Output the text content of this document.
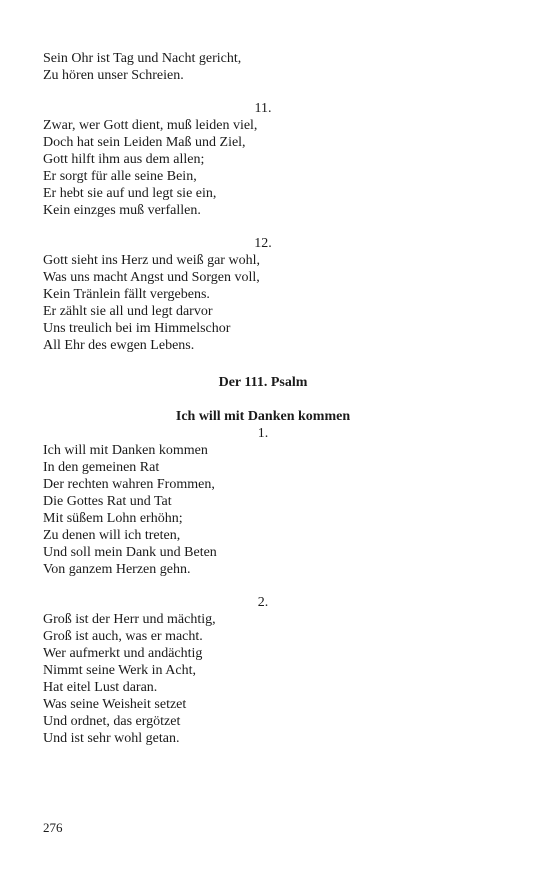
Sein Ohr ist Tag und Nacht gericht,
Zu hören unser Schreien.
11.
Zwar, wer Gott dient, muß leiden viel,
Doch hat sein Leiden Maß und Ziel,
Gott hilft ihm aus dem allen;
Er sorgt für alle seine Bein,
Er hebt sie auf und legt sie ein,
Kein einzges muß verfallen.
12.
Gott sieht ins Herz und weiß gar wohl,
Was uns macht Angst und Sorgen voll,
Kein Tränlein fällt vergebens.
Er zählt sie all und legt darvor
Uns treulich bei im Himmelschor
All Ehr des ewgen Lebens.
Der 111. Psalm
Ich will mit Danken kommen
1.
Ich will mit Danken kommen
In den gemeinen Rat
Der rechten wahren Frommen,
Die Gottes Rat und Tat
Mit süßem Lohn erhöhn;
Zu denen will ich treten,
Und soll mein Dank und Beten
Von ganzem Herzen gehn.
2.
Groß ist der Herr und mächtig,
Groß ist auch, was er macht.
Wer aufmerkt und andächtig
Nimmt seine Werk in Acht,
Hat eitel Lust daran.
Was seine Weisheit setzet
Und ordnet, das ergötzet
Und ist sehr wohl getan.
276
